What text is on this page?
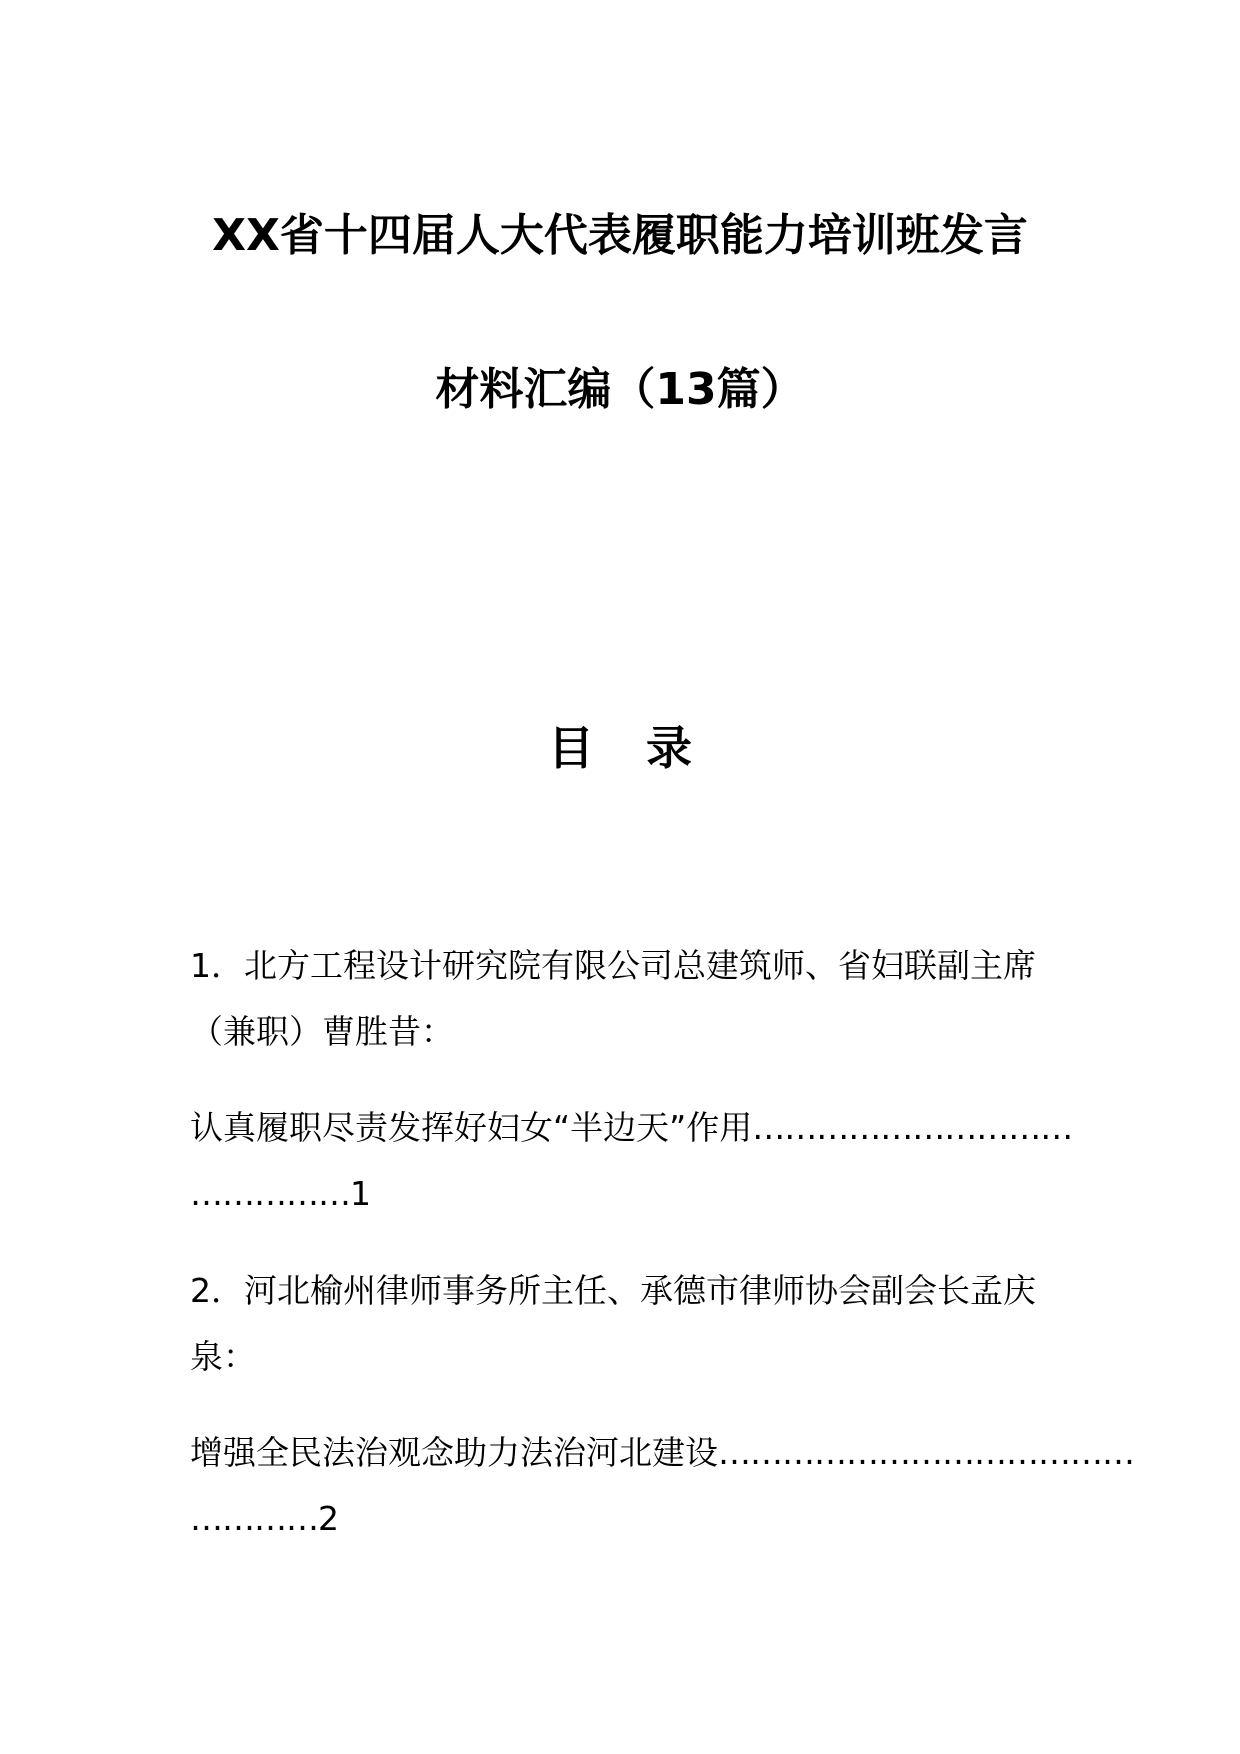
XX省十四届人大代表履职能力培训班发言
材料汇编（13篇）
目 录
1．北方工程设计研究院有限公司总建筑师、省妇联副主席
（兼职）曹胜昔：
认真履职尽责发挥好妇女“半边天”作用…………………………
……………1
2．河北榆州律师事务所主任、承德市律师协会副会长孟庆
泉：
增强全民法治观念助力法治河北建设…………………………………
…………2
